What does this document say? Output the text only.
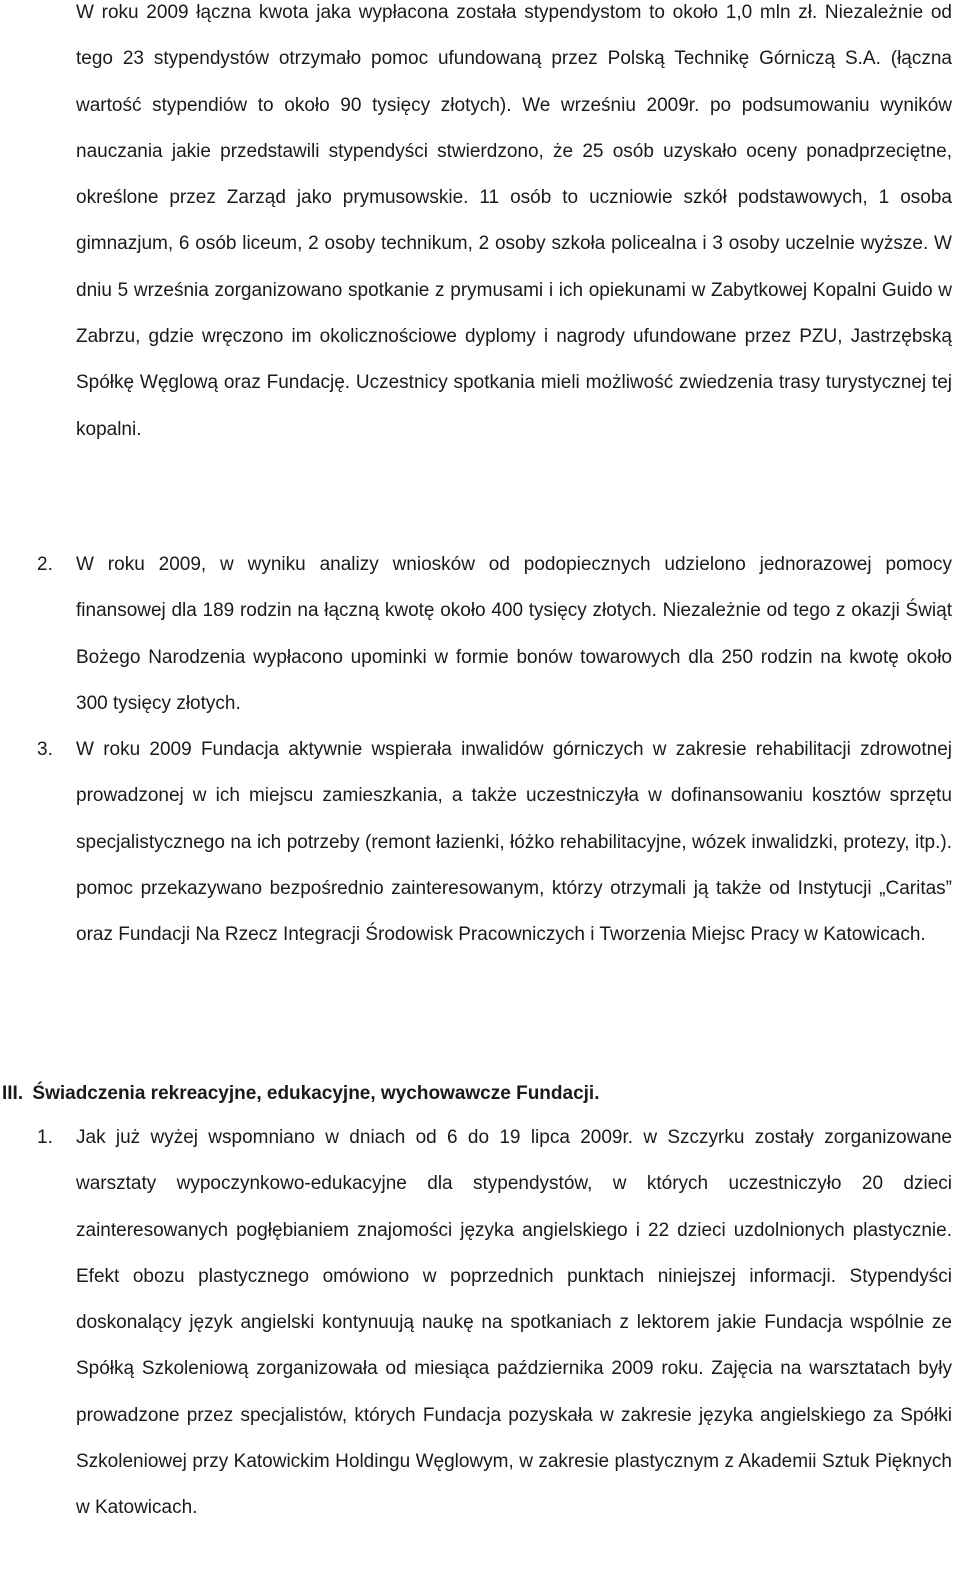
W roku 2009 łączna kwota jaka wypłacona została stypendystom to około 1,0 mln zł. Niezależnie od tego 23 stypendystów otrzymało pomoc ufundowaną przez Polską Technikę Górniczą S.A. (łączna wartość stypendiów to około 90 tysięcy złotych). We wrześniu 2009r. po podsumowaniu wyników nauczania jakie przedstawili stypendyści stwierdzono, że 25 osób uzyskało oceny ponadprzeciętne, określone przez Zarząd jako prymusowskie. 11 osób to uczniowie szkół podstawowych, 1 osoba gimnazjum, 6 osób liceum, 2 osoby technikum, 2 osoby szkoła policealna i 3 osoby uczelnie wyższe. W dniu 5 września zorganizowano spotkanie z prymusami i ich opiekunami w Zabytkowej Kopalni Guido w Zabrzu, gdzie wręczono im okolicznościowe dyplomy i nagrody ufundowane przez PZU, Jastrzębską Spółkę Węglową oraz Fundację. Uczestnicy spotkania mieli możliwość zwiedzenia trasy turystycznej tej kopalni.

2. W roku 2009, w wyniku analizy wniosków od podopiecznych udzielono jednorazowej pomocy finansowej dla 189 rodzin na łączną kwotę około 400 tysięcy złotych. Niezależnie od tego z okazji Świąt Bożego Narodzenia wypłacono upominki w formie bonów towarowych dla 250 rodzin na kwotę około 300 tysięcy złotych.

3. W roku 2009 Fundacja aktywnie wspierała inwalidów górniczych w zakresie rehabilitacji zdrowotnej prowadzonej w ich miejscu zamieszkania, a także uczestniczyła w dofinansowaniu kosztów sprzętu specjalistycznego na ich potrzeby (remont łazienki, łóżko rehabilitacyjne, wózek inwalidzki, protezy, itp.). pomoc przekazywano bezpośrednio zainteresowanym, którzy otrzymali ją także od Instytucji „Caritas” oraz Fundacji Na Rzecz Integracji Środowisk Pracowniczych i Tworzenia Miejsc Pracy w Katowicach.

III. Świadczenia rekreacyjne, edukacyjne, wychowawcze Fundacji.
1. Jak już wyżej wspomniano w dniach od 6 do 19 lipca 2009r. w Szczyrku zostały zorganizowane warsztaty wypoczynkowo-edukacyjne dla stypendystów, w których uczestniczyło 20 dzieci zainteresowanych pogłębianiem znajomości języka angielskiego i 22 dzieci uzdolnionych plastycznie. Efekt obozu plastycznego omówiono w poprzednich punktach niniejszej informacji. Stypendyści doskonalący język angielski kontynuują naukę na spotkaniach z lektorem jakie Fundacja wspólnie ze Spółką Szkoleniową zorganizowała od miesiąca października 2009 roku. Zajęcia na warsztatach były prowadzone przez specjalistów, których Fundacja pozyskała w zakresie języka angielskiego za Spółki Szkoleniowej przy Katowickim Holdingu Węglowym, w zakresie plastycznym z Akademii Sztuk Pięknych w Katowicach.
